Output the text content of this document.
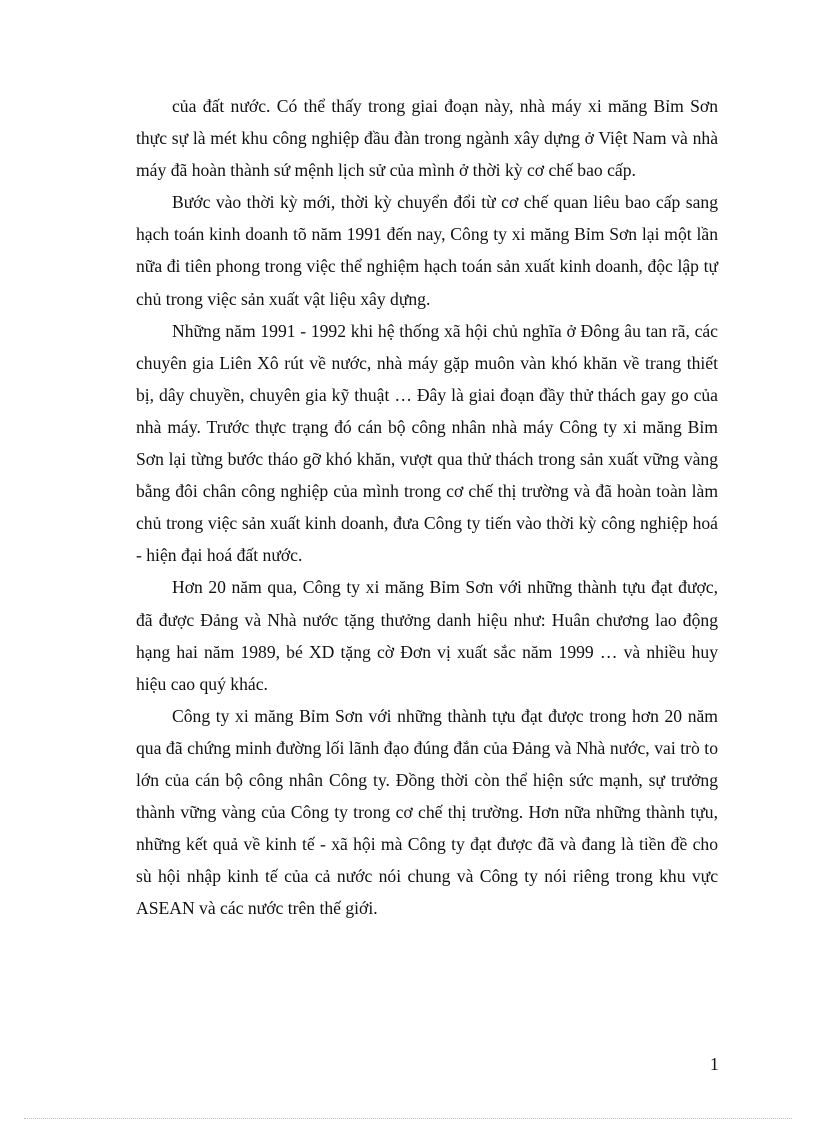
của đất nước. Có thể thấy trong giai đoạn này, nhà máy xi măng Bỉm Sơn thực sự là mét khu công nghiệp đầu đàn trong ngành xây dựng ở Việt Nam và nhà máy đã hoàn thành sứ mệnh lịch sử của mình ở thời kỳ cơ chế bao cấp.

Bước vào thời kỳ mới, thời kỳ chuyển đổi từ cơ chế quan liêu bao cấp sang hạch toán kinh doanh tõ năm 1991 đến nay, Công ty xi măng Bỉm Sơn lại một lần nữa đi tiên phong trong việc thể nghiệm hạch toán sản xuất kinh doanh, độc lập tự chủ trong việc sản xuất vật liệu xây dựng.

Những năm 1991 - 1992 khi hệ thống xã hội chủ nghĩa ở Đông âu tan rã, các chuyên gia Liên Xô rút về nước, nhà máy gặp muôn vàn khó khăn về trang thiết bị, dây chuyền, chuyên gia kỹ thuật … Đây là giai đoạn đầy thử thách gay go của nhà máy. Trước thực trạng đó cán bộ công nhân nhà máy Công ty xi măng Bỉm Sơn lại từng bước tháo gỡ khó khăn, vượt qua thử thách trong sản xuất vững vàng bằng đôi chân công nghiệp của mình trong cơ chế thị trường và đã hoàn toàn làm chủ trong việc sản xuất kinh doanh, đưa Công ty tiến vào thời kỳ công nghiệp hoá - hiện đại hoá đất nước.

Hơn 20 năm qua, Công ty xi măng Bỉm Sơn với những thành tựu đạt được, đã được Đảng và Nhà nước tặng thưởng danh hiệu như: Huân chương lao động hạng hai năm 1989, bé XD tặng cờ Đơn vị xuất sắc năm 1999 … và nhiều huy hiệu cao quý khác.

Công ty xi măng Bỉm Sơn với những thành tựu đạt được trong hơn 20 năm qua đã chứng minh đường lối lãnh đạo đúng đắn của Đảng và Nhà nước, vai trò to lớn của cán bộ công nhân Công ty. Đồng thời còn thể hiện sức mạnh, sự trưởng thành vững vàng của Công ty trong cơ chế thị trường. Hơn nữa những thành tựu, những kết quả về kinh tế - xã hội mà Công ty đạt được đã và đang là tiền đề cho sù hội nhập kinh tế của cả nước nói chung và Công ty nói riêng trong khu vực ASEAN và các nước trên thế giới.

1
